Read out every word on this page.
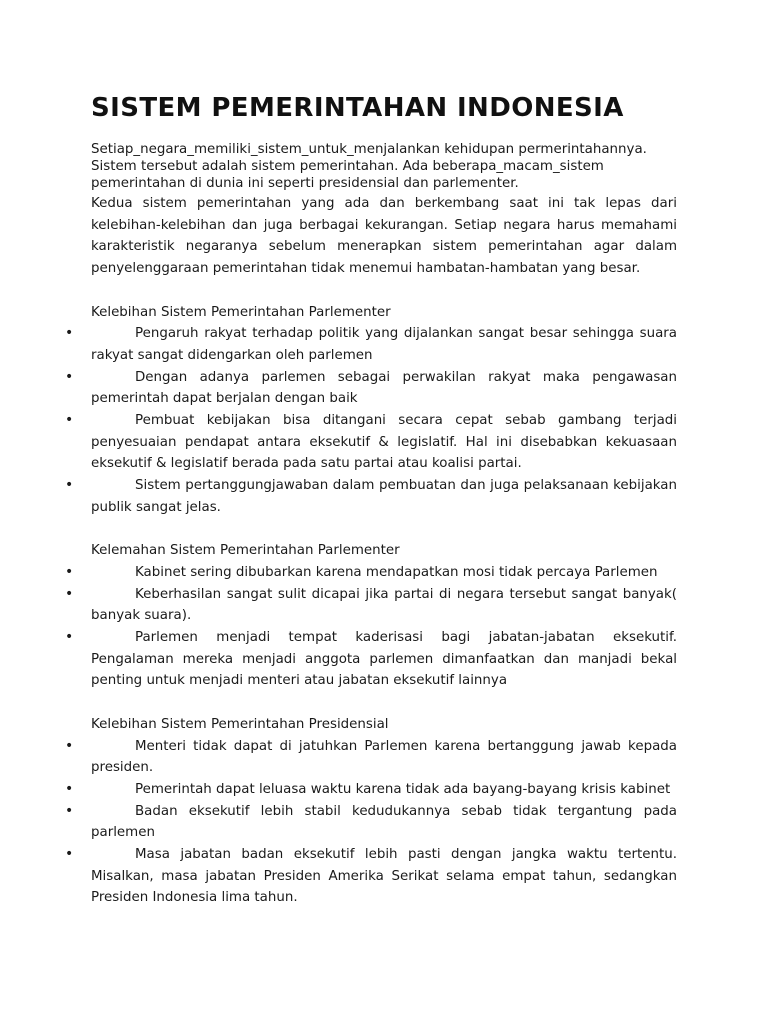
SISTEM PEMERINTAHAN INDONESIA

Setiap_negara_memiliki_sistem_untuk_menjalankan kehidupan permerintahannya.
Sistem tersebut adalah sistem pemerintahan. Ada beberapa_macam_sistem
pemerintahan di dunia ini seperti presidensial dan parlementer.

Kedua sistem pemerintahan yang ada dan berkembang saat ini tak lepas dari kelebihan-kelebihan dan juga berbagai kekurangan. Setiap negara harus memahami karakteristik negaranya sebelum menerapkan sistem pemerintahan agar dalam penyelenggaraan pemerintahan tidak menemui hambatan-hambatan yang besar.

Kelebihan Sistem Pemerintahan Parlementer

•	Pengaruh rakyat terhadap politik yang dijalankan sangat besar sehingga suara rakyat sangat didengarkan oleh parlemen
•	Dengan adanya parlemen sebagai perwakilan rakyat maka pengawasan pemerintah dapat berjalan dengan baik
•	Pembuat kebijakan bisa ditangani secara cepat sebab gambang terjadi penyesuaian pendapat antara eksekutif & legislatif. Hal ini disebabkan kekuasaan eksekutif & legislatif berada pada satu partai atau koalisi partai.
•	Sistem pertanggungjawaban dalam pembuatan dan juga pelaksanaan kebijakan publik sangat jelas.

Kelemahan Sistem Pemerintahan Parlementer

•	Kabinet sering dibubarkan karena mendapatkan mosi tidak percaya Parlemen
•	Keberhasilan sangat sulit dicapai jika partai di negara tersebut sangat banyak( banyak suara).
•	Parlemen menjadi tempat kaderisasi bagi jabatan-jabatan eksekutif. Pengalaman mereka menjadi anggota parlemen dimanfaatkan dan manjadi bekal penting untuk menjadi menteri atau jabatan eksekutif lainnya

Kelebihan Sistem Pemerintahan Presidensial

•	Menteri tidak dapat di jatuhkan Parlemen karena bertanggung jawab kepada presiden.
•	Pemerintah dapat leluasa waktu karena tidak ada bayang-bayang krisis kabinet
•	Badan eksekutif lebih stabil kedudukannya sebab tidak tergantung pada parlemen
•	Masa jabatan badan eksekutif lebih pasti dengan jangka waktu tertentu. Misalkan, masa jabatan Presiden Amerika Serikat selama empat tahun, sedangkan Presiden Indonesia lima tahun.
